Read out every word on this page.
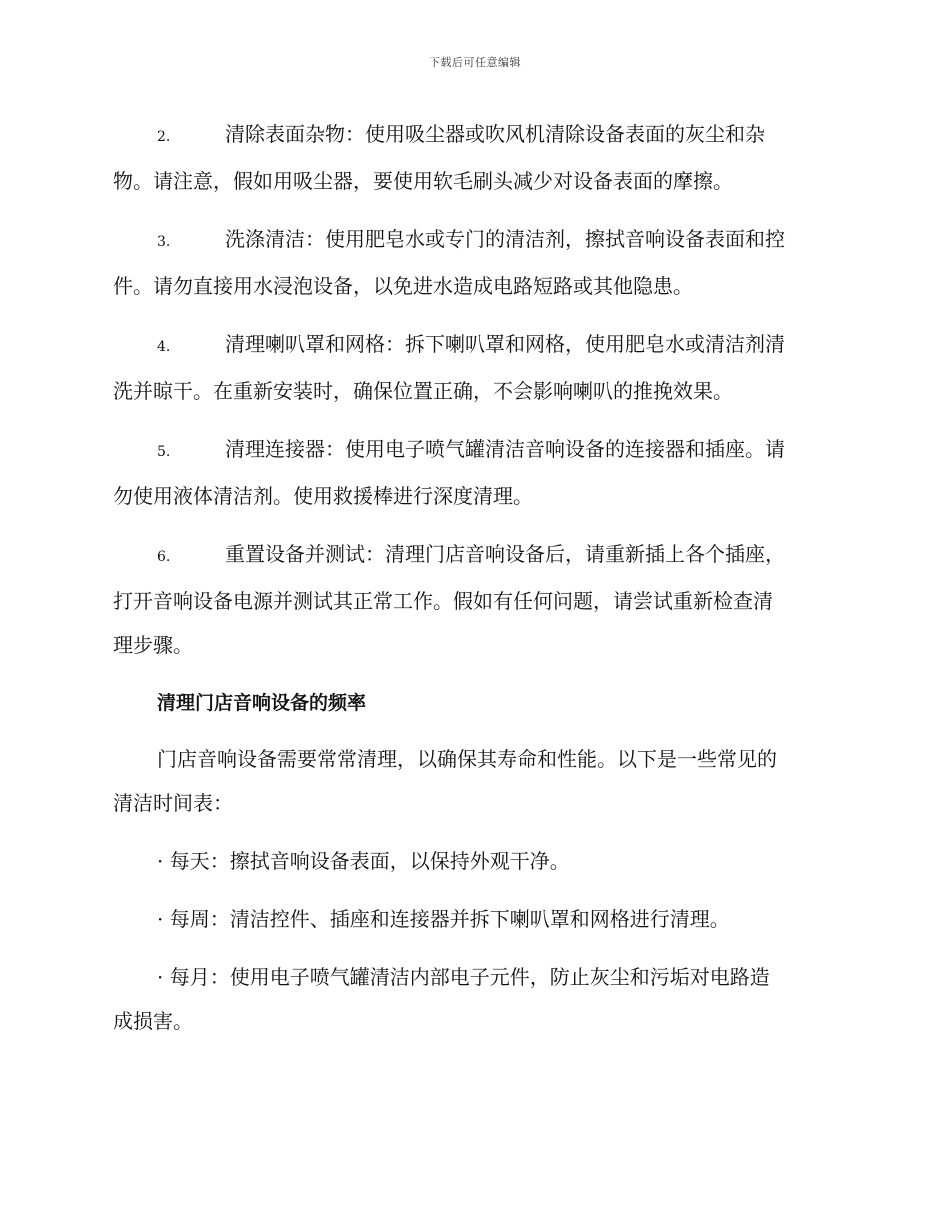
下载后可任意编辑
2.	清除表面杂物：使用吸尘器或吹风机清除设备表面的灰尘和杂
物。请注意，假如用吸尘器，要使用软毛刷头减少对设备表面的摩擦。
3.	洗涤清洁：使用肥皂水或专门的清洁剂，擦拭音响设备表面和控
件。请勿直接用水浸泡设备，以免进水造成电路短路或其他隐患。
4.	清理喇叭罩和网格：拆下喇叭罩和网格，使用肥皂水或清洁剂清
洗并晾干。在重新安装时，确保位置正确，不会影响喇叭的推挽效果。
5.	清理连接器：使用电子喷气罐清洁音响设备的连接器和插座。请
勿使用液体清洁剂。使用救援棒进行深度清理。
6.	重置设备并测试：清理门店音响设备后，请重新插上各个插座，
打开音响设备电源并测试其正常工作。假如有任何问题，请尝试重新检查清
理步骤。
清理门店音响设备的频率
门店音响设备需要常常清理，以确保其寿命和性能。以下是一些常见的
清洁时间表：
· 每天：擦拭音响设备表面，以保持外观干净。
· 每周：清洁控件、插座和连接器并拆下喇叭罩和网格进行清理。
· 每月：使用电子喷气罐清洁内部电子元件，防止灰尘和污垢对电路造
成损害。
